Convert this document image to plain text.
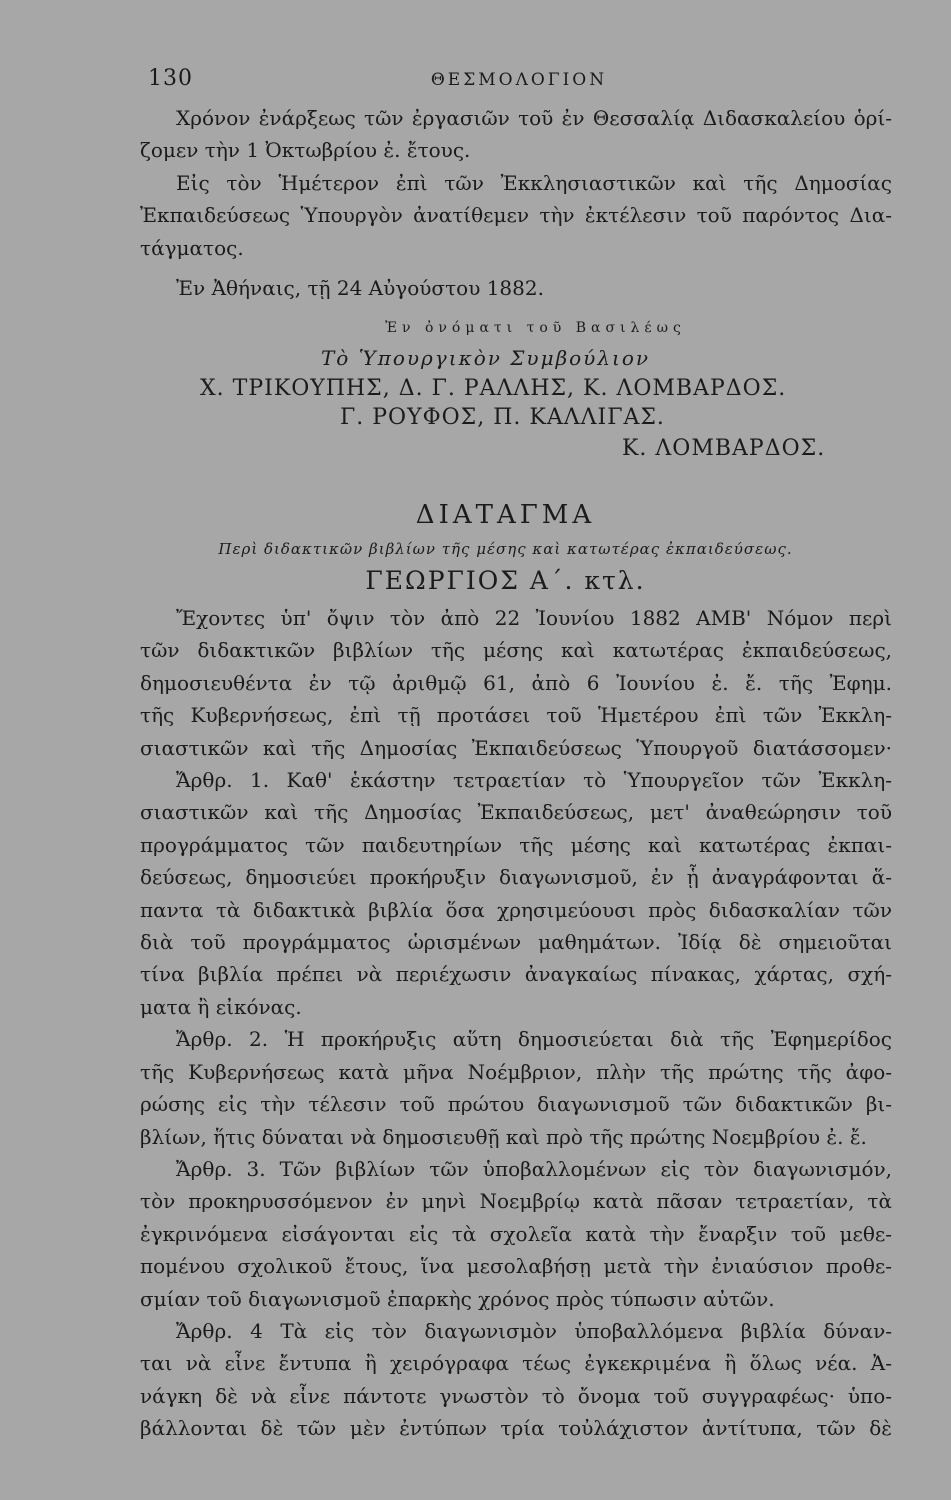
130	ΘΕΣΜΟΛΟΓΙΟΝ
Χρόνον ἐνάρξεως τῶν ἐργασιῶν τοῦ ἐν Θεσσαλίᾳ Διδασκαλείου ὁρί-
ζομεν τὴν 1 Ὀκτωβρίου ἐ. ἔτους.
Εἰς τὸν Ἡμέτερον ἐπὶ τῶν Ἐκκλησιαστικῶν καὶ τῆς Δημοσίας
Ἐκπαιδεύσεως Ὑπουργὸν ἀνατίθεμεν τὴν ἐκτέλεσιν τοῦ παρόντος Δια-
τάγματος.
Ἐν Ἀθήναις, τῇ 24 Αὐγούστου 1882.
Ἐν ὀνόματι τοῦ Βασιλέως
Τὸ Ὑπουργικὸν Συμβούλιον
Χ. ΤΡΙΚΟΥΠΗΣ, Δ. Γ. ΡΑΛΛΗΣ, Κ. ΛΟΜΒΑΡΔΟΣ.
Γ. ΡΟΥΦΟΣ, Π. ΚΑΛΛΙΓΑΣ.
Κ. ΛΟΜΒΑΡΔΟΣ.
ΔΙΑΤΑΓΜΑ
Περὶ διδακτικῶν βιβλίων τῆς μέσης καὶ κατωτέρας ἐκπαιδεύσεως.
ΓΕΩΡΓΙΟΣ Α΄. κτλ.
Ἔχοντες ὑπ' ὄψιν τὸν ἀπὸ 22 Ἰουνίου 1882 ΑΜΒ' Νόμον περὶ
τῶν διδακτικῶν βιβλίων τῆς μέσης καὶ κατωτέρας ἐκπαιδεύσεως,
δημοσιευθέντα ἐν τῷ ἀριθμῷ 61, ἀπὸ 6 Ἰουνίου ἐ. ἔ. τῆς Ἐφημ.
τῆς Κυβερνήσεως, ἐπὶ τῇ προτάσει τοῦ Ἡμετέρου ἐπὶ τῶν Ἐκκλη-
σιαστικῶν καὶ τῆς Δημοσίας Ἐκπαιδεύσεως Ὑπουργοῦ διατάσσομεν·
Ἄρθρ. 1. Καθ' ἑκάστην τετραετίαν τὸ Ὑπουργεῖον τῶν Ἐκκλη-
σιαστικῶν καὶ τῆς Δημοσίας Ἐκπαιδεύσεως, μετ' ἀναθεώρησιν τοῦ
προγράμματος τῶν παιδευτηρίων τῆς μέσης καὶ κατωτέρας ἐκπαι-
δεύσεως, δημοσιεύει προκήρυξιν διαγωνισμοῦ, ἐν ᾗ ἀναγράφονται ἅ-
παντα τὰ διδακτικὰ βιβλία ὅσα χρησιμεύουσι πρὸς διδασκαλίαν τῶν
διὰ τοῦ προγράμματος ὡρισμένων μαθημάτων. Ἰδίᾳ δὲ σημειοῦται
τίνα βιβλία πρέπει νὰ περιέχωσιν ἀναγκαίως πίνακας, χάρτας, σχή-
ματα ἢ εἰκόνας.
Ἄρθρ. 2. Ἡ προκήρυξις αὕτη δημοσιεύεται διὰ τῆς Ἐφημερίδος
τῆς Κυβερνήσεως κατὰ μῆνα Νοέμβριον, πλὴν τῆς πρώτης τῆς ἀφο-
ρώσης εἰς τὴν τέλεσιν τοῦ πρώτου διαγωνισμοῦ τῶν διδακτικῶν βι-
βλίων, ἥτις δύναται νὰ δημοσιευθῇ καὶ πρὸ τῆς πρώτης Νοεμβρίου ἐ. ἔ.
Ἄρθρ. 3. Τῶν βιβλίων τῶν ὑποβαλλομένων εἰς τὸν διαγωνισμόν,
τὸν προκηρυσσόμενον ἐν μηνὶ Νοεμβρίῳ κατὰ πᾶσαν τετραετίαν, τὰ
ἐγκρινόμενα εἰσάγονται εἰς τὰ σχολεῖα κατὰ τὴν ἔναρξιν τοῦ μεθε-
πομένου σχολικοῦ ἔτους, ἵνα μεσολαβήσῃ μετὰ τὴν ἐνιαύσιον προθε-
σμίαν τοῦ διαγωνισμοῦ ἐπαρκὴς χρόνος πρὸς τύπωσιν αὐτῶν.
Ἄρθρ. 4 Τὰ εἰς τὸν διαγωνισμὸν ὑποβαλλόμενα βιβλία δύναν-
ται νὰ εἶνε ἔντυπα ἢ χειρόγραφα τέως ἐγκεκριμένα ἢ ὅλως νέα. Ἀ-
νάγκη δὲ νὰ εἶνε πάντοτε γνωστὸν τὸ ὄνομα τοῦ συγγραφέως· ὑπο-
βάλλονται δὲ τῶν μὲν ἐντύπων τρία τοὐλάχιστον ἀντίτυπα, τῶν δὲ
